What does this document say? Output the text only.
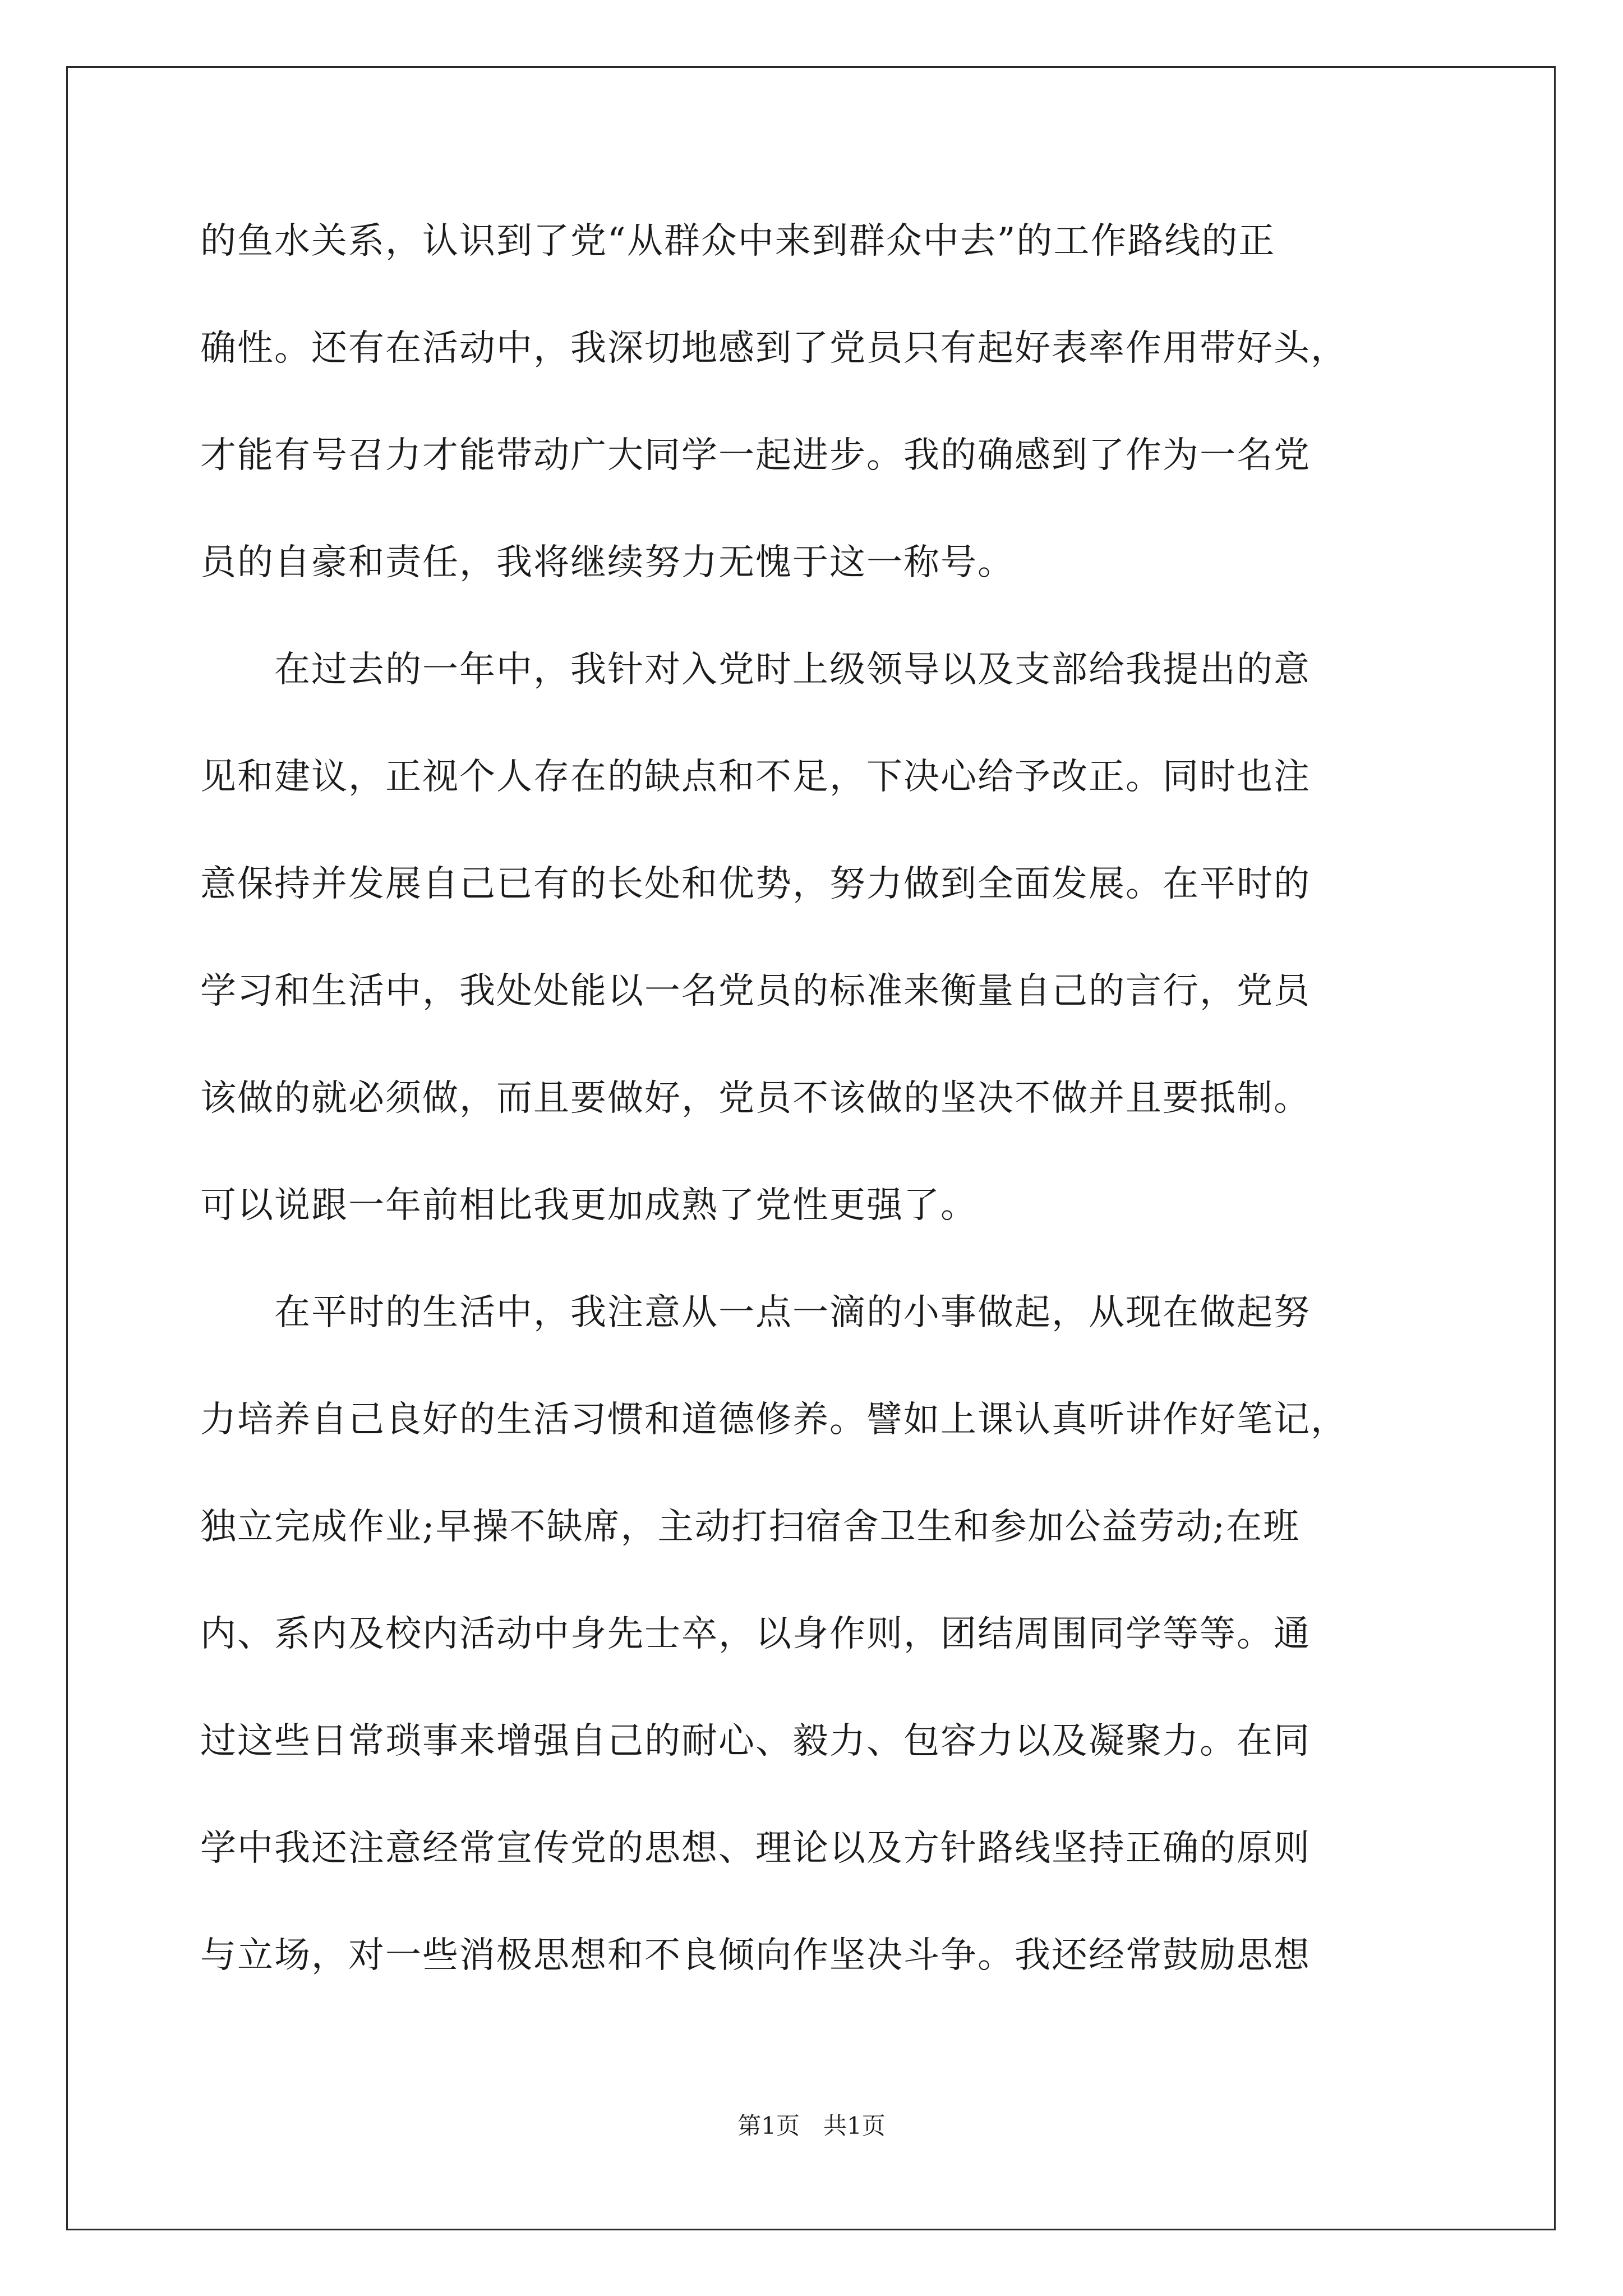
的鱼水关系，认识到了党“从群众中来到群众中去”的工作路线的正
确性。还有在活动中，我深切地感到了党员只有起好表率作用带好头，
才能有号召力才能带动广大同学一起进步。我的确感到了作为一名党
员的自豪和责任，我将继续努力无愧于这一称号。
　　在过去的一年中，我针对入党时上级领导以及支部给我提出的意
见和建议，正视个人存在的缺点和不足，下决心给予改正。同时也注
意保持并发展自己已有的长处和优势，努力做到全面发展。在平时的
学习和生活中，我处处能以一名党员的标准来衡量自己的言行，党员
该做的就必须做，而且要做好，党员不该做的坚决不做并且要抵制。
可以说跟一年前相比我更加成熟了党性更强了。
　　在平时的生活中，我注意从一点一滴的小事做起，从现在做起努
力培养自己良好的生活习惯和道德修养。譬如上课认真听讲作好笔记，
独立完成作业;早操不缺席，主动打扫宿舍卫生和参加公益劳动;在班
内、系内及校内活动中身先士卒，以身作则，团结周围同学等等。通
过这些日常琐事来增强自己的耐心、毅力、包容力以及凝聚力。在同
学中我还注意经常宣传党的思想、理论以及方针路线坚持正确的原则
与立场，对一些消极思想和不良倾向作坚决斗争。我还经常鼓励思想
第1页　共1页
